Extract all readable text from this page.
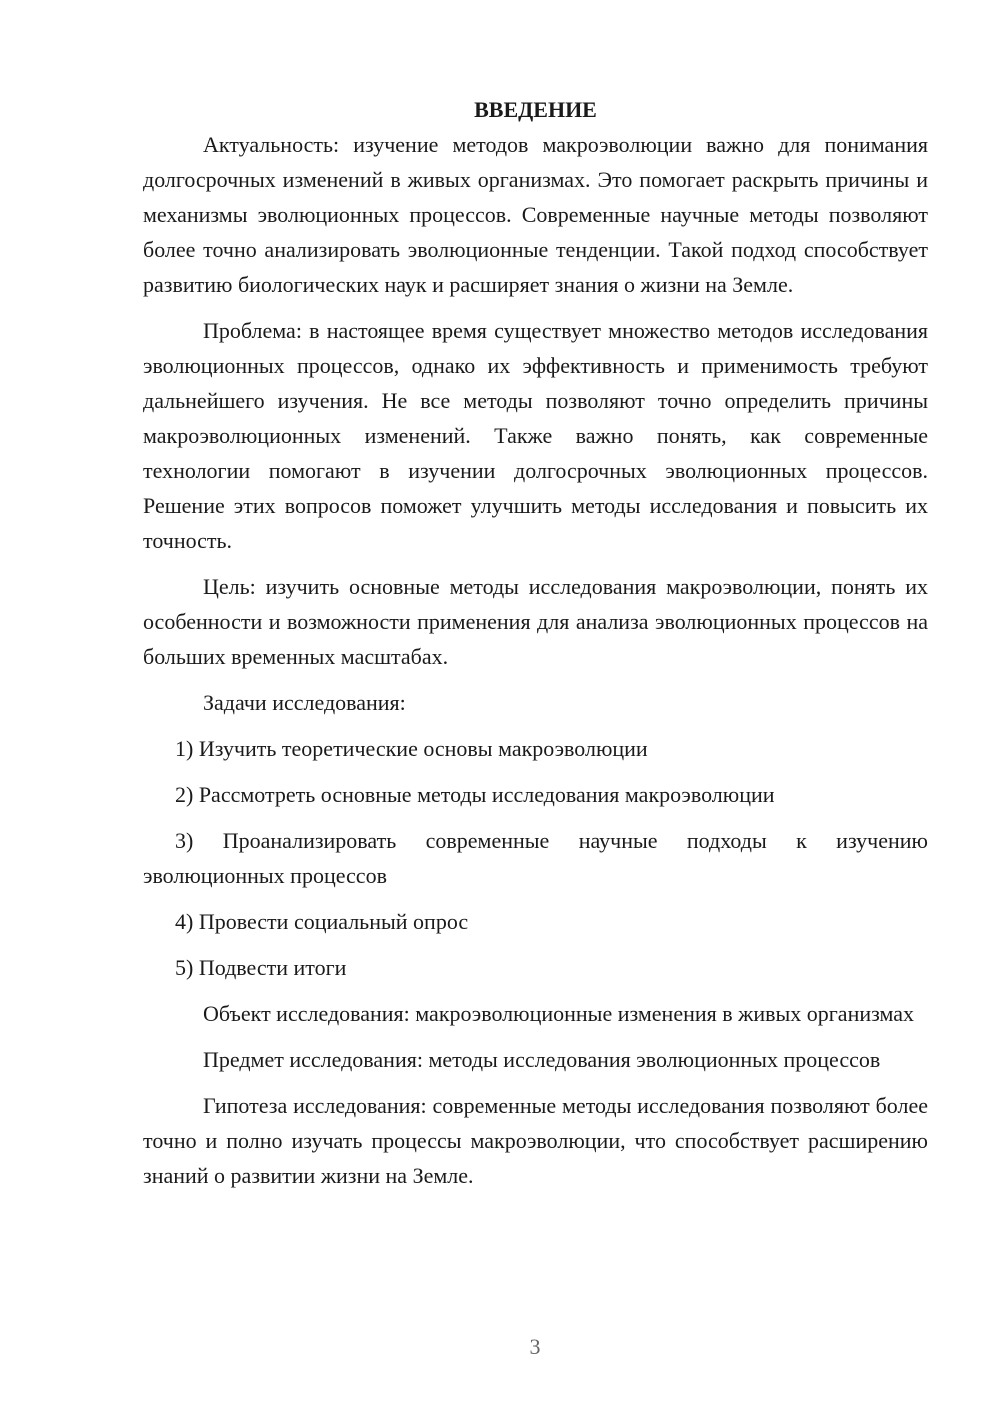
ВВЕДЕНИЕ

Актуальность: изучение методов макроэволюции важно для понимания долгосрочных изменений в живых организмах. Это помогает раскрыть причины и механизмы эволюционных процессов. Современные научные методы позволяют более точно анализировать эволюционные тенденции. Такой подход способствует развитию биологических наук и расширяет знания о жизни на Земле.

Проблема: в настоящее время существует множество методов исследования эволюционных процессов, однако их эффективность и применимость требуют дальнейшего изучения. Не все методы позволяют точно определить причины макроэволюционных изменений. Также важно понять, как современные технологии помогают в изучении долгосрочных эволюционных процессов. Решение этих вопросов поможет улучшить методы исследования и повысить их точность.

Цель: изучить основные методы исследования макроэволюции, понять их особенности и возможности применения для анализа эволюционных процессов на больших временных масштабах.

Задачи исследования:

1) Изучить теоретические основы макроэволюции

2) Рассмотреть основные методы исследования макроэволюции

3) Проанализировать современные научные подходы к изучению эволюционных процессов

4) Провести социальный опрос

5) Подвести итоги

Объект исследования: макроэволюционные изменения в живых организмах

Предмет исследования: методы исследования эволюционных процессов

Гипотеза исследования: современные методы исследования позволяют более точно и полно изучать процессы макроэволюции, что способствует расширению знаний о развитии жизни на Земле.

3
